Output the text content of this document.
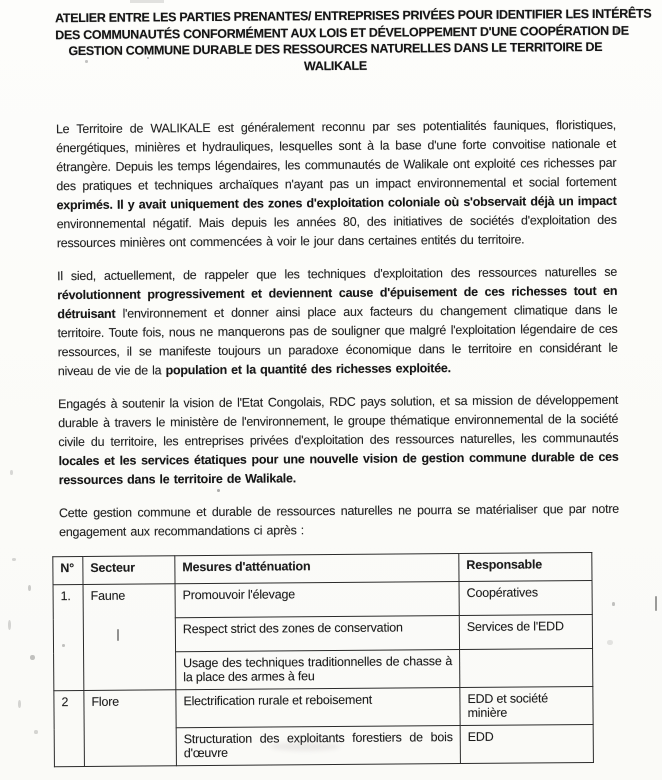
ATELIER ENTRE LES PARTIES PRENANTES/ ENTREPRISES PRIVÉES POUR IDENTIFIER LES INTÉRÊTS
DES COMMUNAUTÉS CONFORMÉMENT AUX LOIS ET DÉVELOPPEMENT D'UNE COOPÉRATION DE
GESTION COMMUNE DURABLE DES RESSOURCES NATURELLES DANS LE TERRITOIRE DE
WALIKALE

Le Territoire de WALIKALE est généralement reconnu par ses potentialités fauniques, floristiques, énergétiques, minières et hydrauliques, lesquelles sont à la base d'une forte convoitise nationale et étrangère. Depuis les temps légendaires, les communautés de Walikale ont exploité ces richesses par des pratiques et techniques archaïques n'ayant pas un impact environnemental et social fortement exprimés. Il y avait uniquement des zones d'exploitation coloniale où s'observait déjà un impact environnemental négatif. Mais depuis les années 80, des initiatives de sociétés d'exploitation des ressources minières ont commencées à voir le jour dans certaines entités du territoire.

Il sied, actuellement, de rappeler que les techniques d'exploitation des ressources naturelles se révolutionnent progressivement et deviennent cause d'épuisement de ces richesses tout en détruisant l'environnement et donner ainsi place aux facteurs du changement climatique dans le territoire. Toute fois, nous ne manquerons pas de souligner que malgré l'exploitation légendaire de ces ressources, il se manifeste toujours un paradoxe économique dans le territoire en considérant le niveau de vie de la population et la quantité des richesses exploitée.

Engagés à soutenir la vision de l'Etat Congolais, RDC pays solution, et sa mission de développement durable à travers le ministère de l'environnement, le groupe thématique environnemental de la société civile du territoire, les entreprises privées d'exploitation des ressources naturelles, les communautés locales et les services étatiques pour une nouvelle vision de gestion commune durable de ces ressources dans le territoire de Walikale.

Cette gestion commune et durable de ressources naturelles ne pourra se matérialiser que par notre engagement aux recommandations ci après :

N°	Secteur	Mesures d'atténuation	Responsable
1.	Faune	Promouvoir l'élevage	Coopératives
		Respect strict des zones de conservation	Services de l'EDD
		Usage des techniques traditionnelles de chasse à la place des armes à feu	
2	Flore	Electrification rurale et reboisement	EDD et société minière
		Structuration des exploitants forestiers de bois d'œuvre	EDD
